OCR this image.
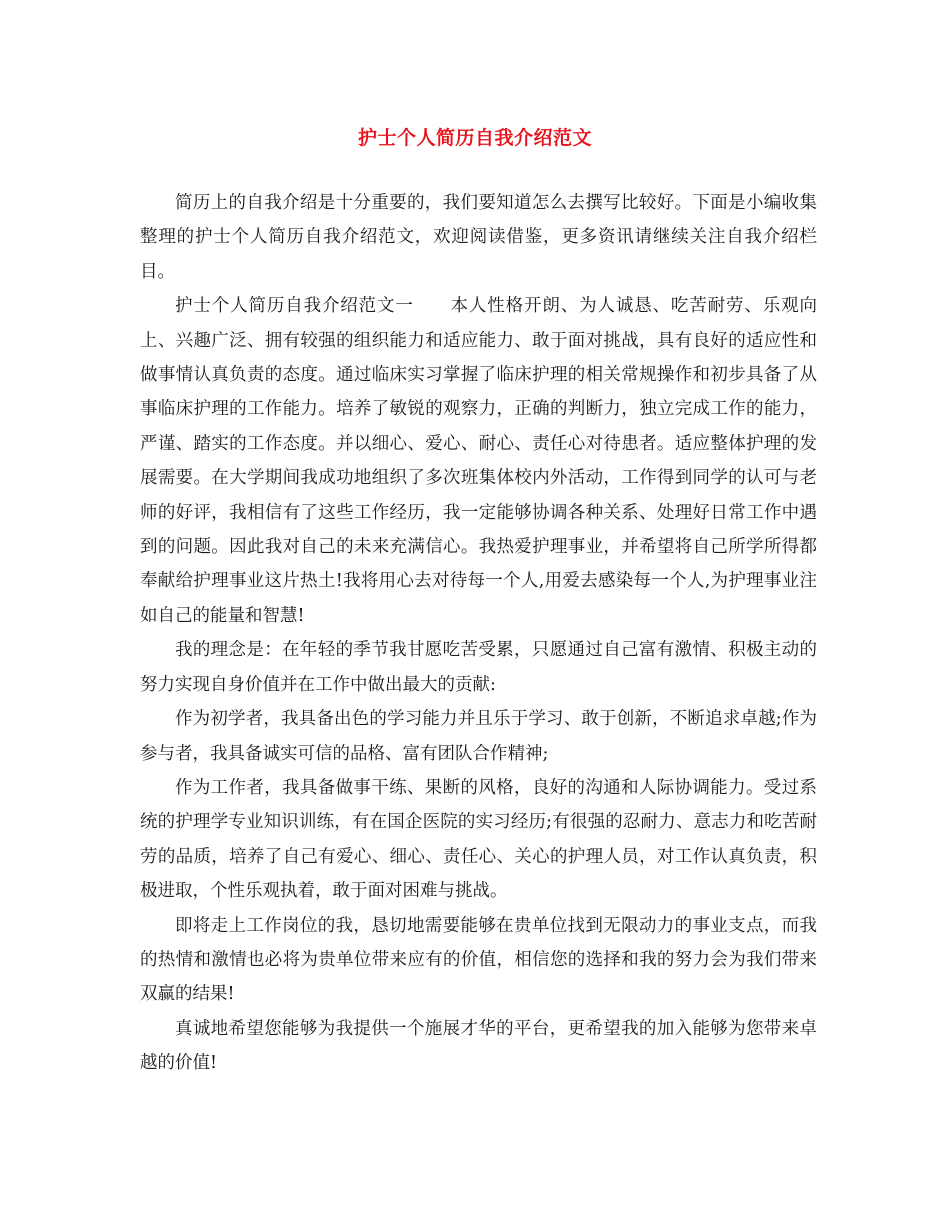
护士个人简历自我介绍范文

简历上的自我介绍是十分重要的，我们要知道怎么去撰写比较好。下面是小编收集整理的护士个人简历自我介绍范文，欢迎阅读借鉴，更多资讯请继续关注自我介绍栏目。

护士个人简历自我介绍范文一　　本人性格开朗、为人诚恳、吃苦耐劳、乐观向上、兴趣广泛、拥有较强的组织能力和适应能力、敢于面对挑战，具有良好的适应性和做事情认真负责的态度。通过临床实习掌握了临床护理的相关常规操作和初步具备了从事临床护理的工作能力。培养了敏锐的观察力，正确的判断力，独立完成工作的能力，严谨、踏实的工作态度。并以细心、爱心、耐心、责任心对待患者。适应整体护理的发展需要。在大学期间我成功地组织了多次班集体校内外活动，工作得到同学的认可与老师的好评，我相信有了这些工作经历，我一定能够协调各种关系、处理好日常工作中遇到的问题。因此我对自己的未来充满信心。我热爱护理事业，并希望将自己所学所得都奉献给护理事业这片热土!我将用心去对待每一个人,用爱去感染每一个人,为护理事业注如自己的能量和智慧!

我的理念是：在年轻的季节我甘愿吃苦受累，只愿通过自己富有激情、积极主动的努力实现自身价值并在工作中做出最大的贡献:

作为初学者，我具备出色的学习能力并且乐于学习、敢于创新，不断追求卓越;作为参与者，我具备诚实可信的品格、富有团队合作精神;

作为工作者，我具备做事干练、果断的风格，良好的沟通和人际协调能力。受过系统的护理学专业知识训练，有在国企医院的实习经历;有很强的忍耐力、意志力和吃苦耐劳的品质，培养了自己有爱心、细心、责任心、关心的护理人员，对工作认真负责，积极进取，个性乐观执着，敢于面对困难与挑战。

即将走上工作岗位的我，恳切地需要能够在贵单位找到无限动力的事业支点，而我的热情和激情也必将为贵单位带来应有的价值，相信您的选择和我的努力会为我们带来双赢的结果!

真诚地希望您能够为我提供一个施展才华的平台，更希望我的加入能够为您带来卓越的价值!
